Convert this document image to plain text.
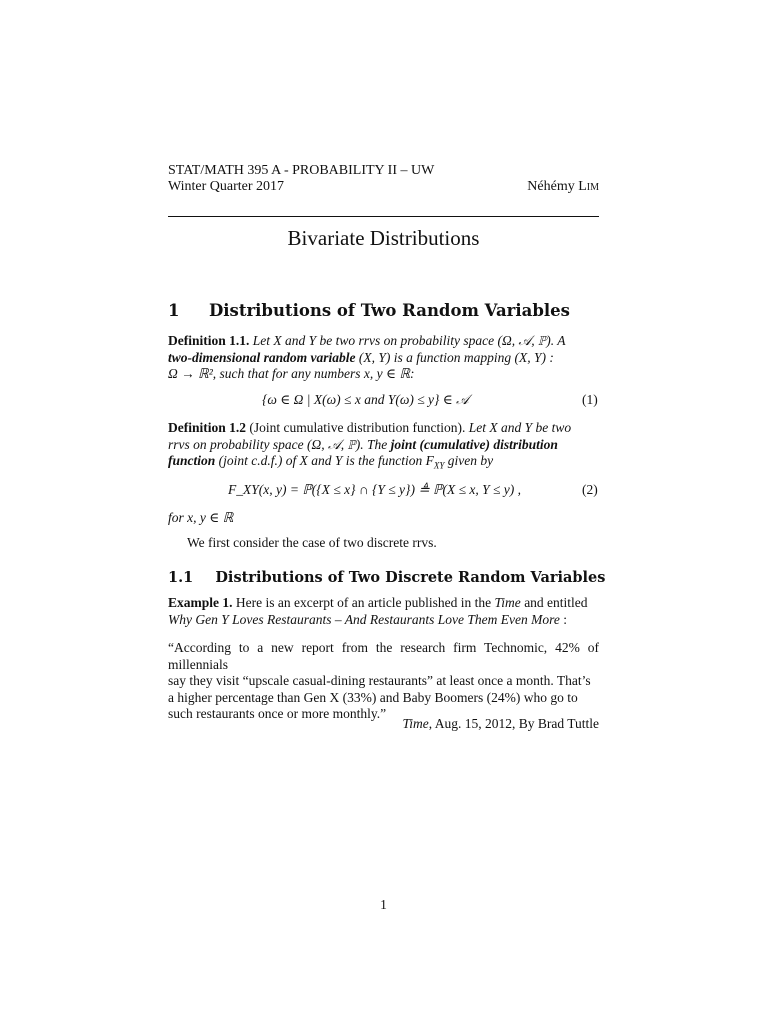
STAT/MATH 395 A - PROBABILITY II – UW
Winter Quarter 2017	Néhémy Lim
Bivariate Distributions
1 Distributions of Two Random Variables
Definition 1.1. Let X and Y be two rrvs on probability space (Ω, 𝒜, ℙ). A
two-dimensional random variable (X, Y) is a function mapping (X, Y) :
Ω → ℝ², such that for any numbers x, y ∈ ℝ:
{ω ∈ Ω | X(ω) ≤ x and Y(ω) ≤ y} ∈ 𝒜	(1)
Definition 1.2 (Joint cumulative distribution function). Let X and Y be two
rrvs on probability space (Ω, 𝒜, ℙ). The joint (cumulative) distribution
function (joint c.d.f.) of X and Y is the function $F_{XY}$ given by
F_XY(x, y) = ℙ({X ≤ x} ∩ {Y ≤ y}) ≜ ℙ(X ≤ x, Y ≤ y) ,	(2)
for x, y ∈ ℝ
We first consider the case of two discrete rrvs.
1.1 Distributions of Two Discrete Random Variables
Example 1. Here is an excerpt of an article published in the Time and entitled
Why Gen Y Loves Restaurants – And Restaurants Love Them Even More :
“According to a new report from the research firm Technomic, 42% of millennials
say they visit “upscale casual-dining restaurants” at least once a month. That’s
a higher percentage than Gen X (33%) and Baby Boomers (24%) who go to
such restaurants once or more monthly.”
Time, Aug. 15, 2012, By Brad Tuttle
1
